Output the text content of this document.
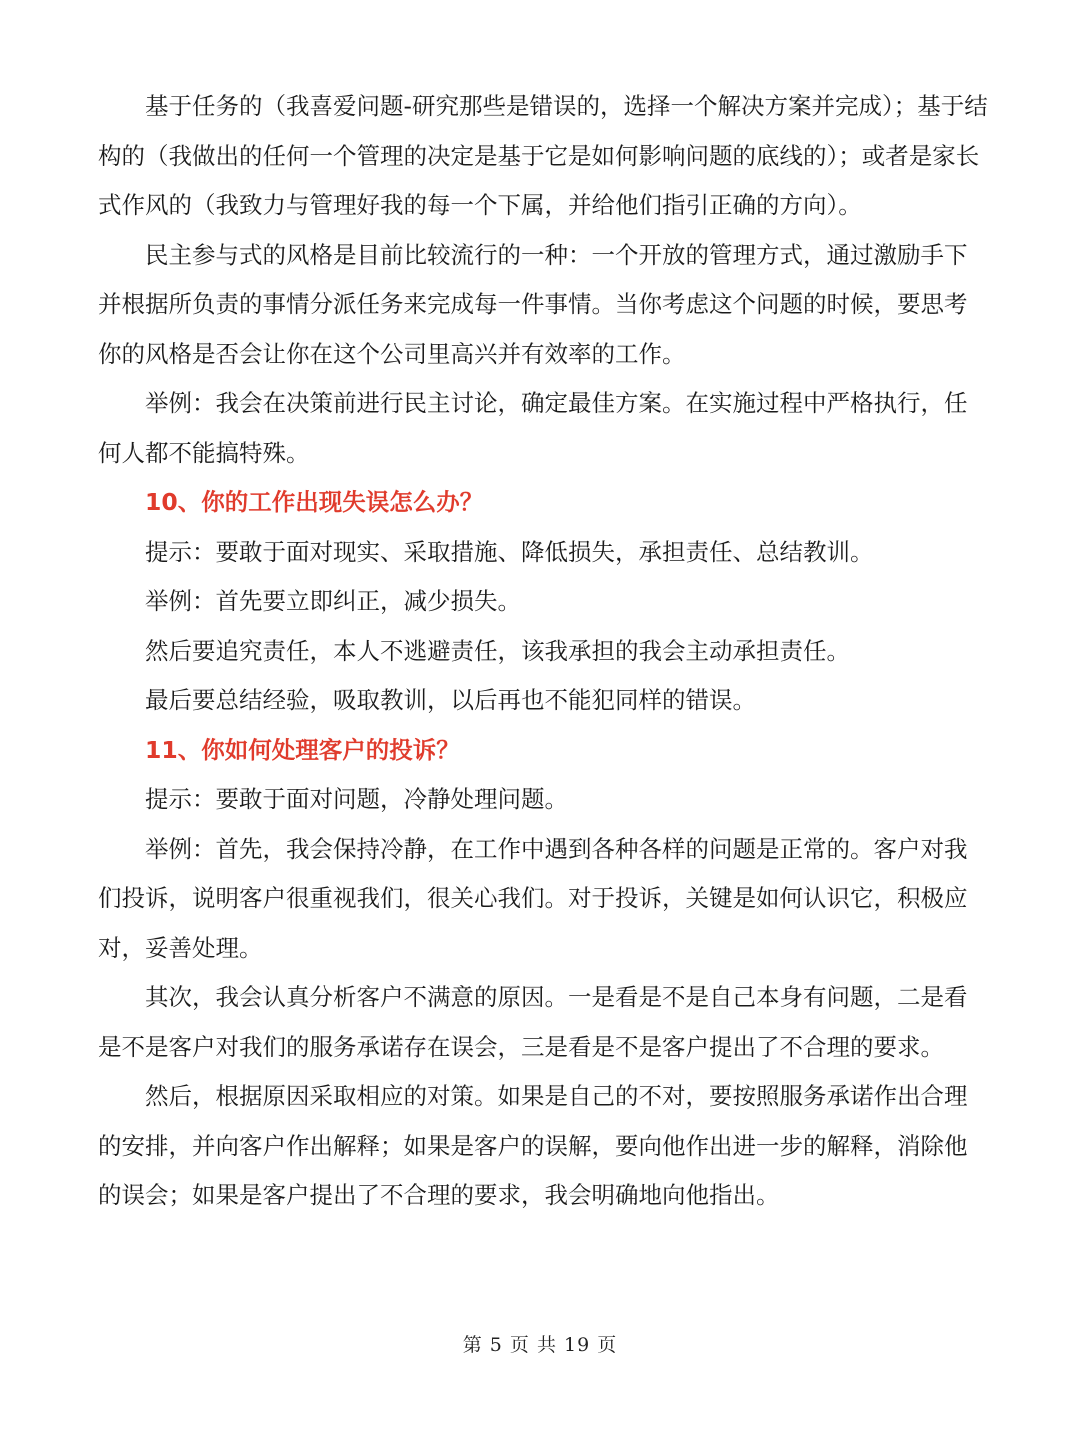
基于任务的（我喜爱问题-研究那些是错误的，选择一个解决方案并完成）；基于结构的（我做出的任何一个管理的决定是基于它是如何影响问题的底线的）；或者是家长式作风的（我致力与管理好我的每一个下属，并给他们指引正确的方向）。

民主参与式的风格是目前比较流行的一种：一个开放的管理方式，通过激励手下并根据所负责的事情分派任务来完成每一件事情。当你考虑这个问题的时候，要思考你的风格是否会让你在这个公司里高兴并有效率的工作。

举例：我会在决策前进行民主讨论，确定最佳方案。在实施过程中严格执行，任何人都不能搞特殊。

10、你的工作出现失误怎么办？

提示：要敢于面对现实、采取措施、降低损失，承担责任、总结教训。

举例：首先要立即纠正，减少损失。

然后要追究责任，本人不逃避责任，该我承担的我会主动承担责任。

最后要总结经验，吸取教训，以后再也不能犯同样的错误。

11、你如何处理客户的投诉？

提示：要敢于面对问题，冷静处理问题。

举例：首先，我会保持冷静，在工作中遇到各种各样的问题是正常的。客户对我们投诉，说明客户很重视我们，很关心我们。对于投诉，关键是如何认识它，积极应对，妥善处理。

其次，我会认真分析客户不满意的原因。一是看是不是自己本身有问题，二是看是不是客户对我们的服务承诺存在误会，三是看是不是客户提出了不合理的要求。

然后，根据原因采取相应的对策。如果是自己的不对，要按照服务承诺作出合理的安排，并向客户作出解释；如果是客户的误解，要向他作出进一步的解释，消除他的误会；如果是客户提出了不合理的要求，我会明确地向他指出。

第 5 页 共 19 页
